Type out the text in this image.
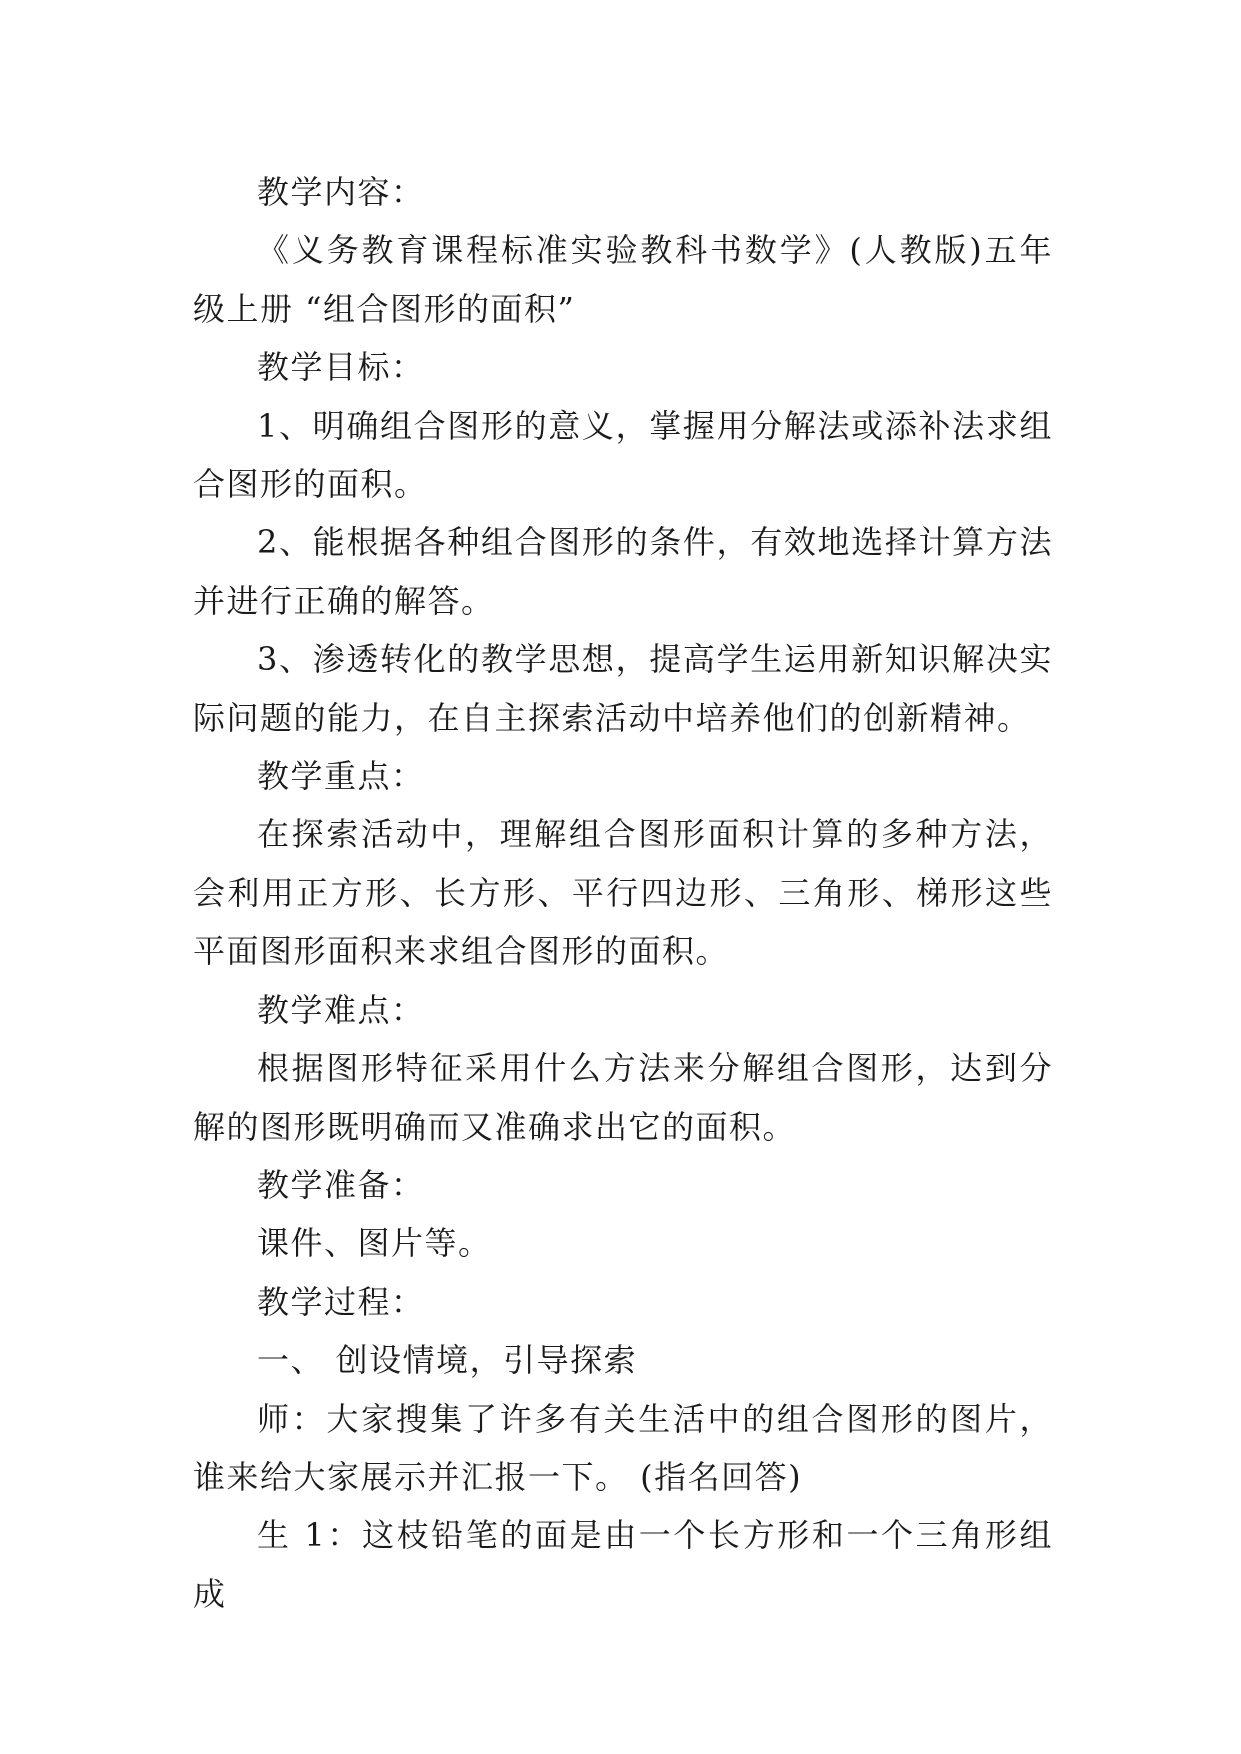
教学内容：

《义务教育课程标准实验教科书数学》(人教版)五年级上册 “组合图形的面积”

教学目标：

1、明确组合图形的意义，掌握用分解法或添补法求组合图形的面积。

2、能根据各种组合图形的条件，有效地选择计算方法并进行正确的解答。

3、渗透转化的教学思想，提高学生运用新知识解决实际问题的能力，在自主探索活动中培养他们的创新精神。

教学重点：

在探索活动中，理解组合图形面积计算的多种方法，会利用正方形、长方形、平行四边形、三角形、梯形这些平面图形面积来求组合图形的面积。

教学难点：

根据图形特征采用什么方法来分解组合图形，达到分解的图形既明确而又准确求出它的面积。

教学准备：

课件、图片等。

教学过程：

一、 创设情境，引导探索

师：大家搜集了许多有关生活中的组合图形的图片，谁来给大家展示并汇报一下。 (指名回答)

生 1：这枝铅笔的面是由一个长方形和一个三角形组成
